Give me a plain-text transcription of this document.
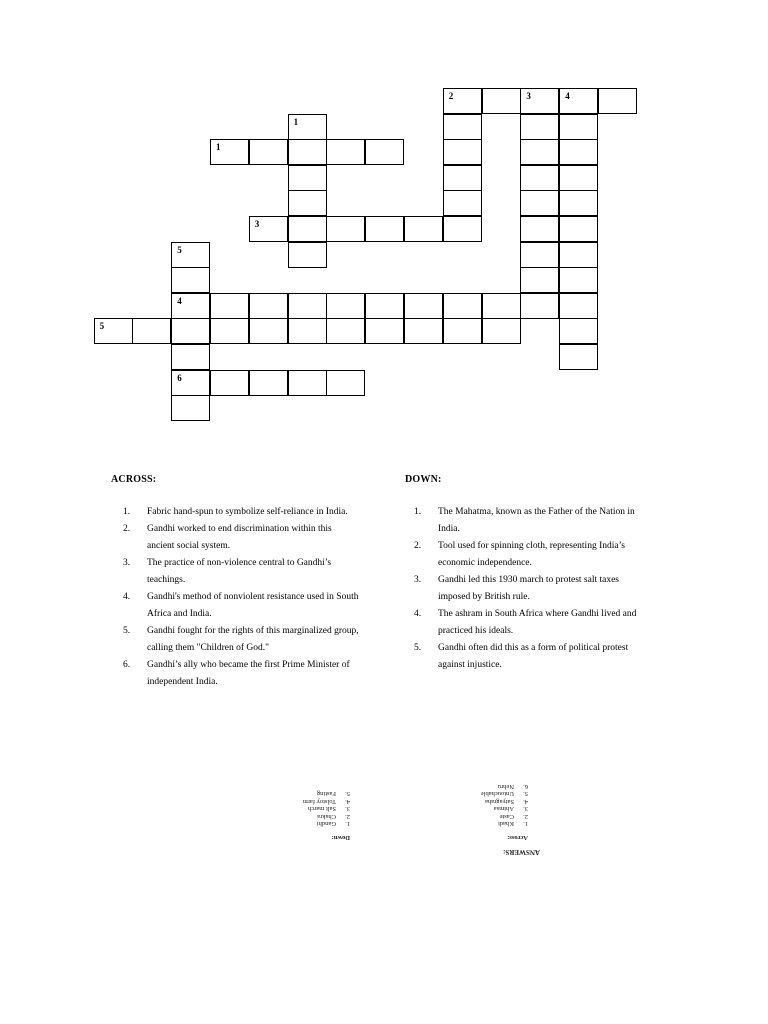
2	3	4
1
1
3
5
4
5
6
ACROSS:
1.	Fabric hand-spun to symbolize self-reliance in India.
2.	Gandhi worked to end discrimination within this
ancient social system.
3.	The practice of non-violence central to Gandhi’s
teachings.
4.	Gandhi's method of nonviolent resistance used in South
Africa and India.
5.	Gandhi fought for the rights of this marginalized group,
calling them "Children of God."
6.	Gandhi’s ally who became the first Prime Minister of
independent India.
DOWN:
1.	The Mahatma, known as the Father of the Nation in
India.
2.	Tool used for spinning cloth, representing India’s
economic independence.
3.	Gandhi led this 1930 march to protest salt taxes
imposed by British rule.
4.	The ashram in South Africa where Gandhi lived and
practiced his ideals.
5.	Gandhi often did this as a form of political protest
against injustice.
ANSWERS:
Across:
1.
Khadi
2.
Caste
3.
Ahimsa
4.
Satyagraha
5.
Untouchable
6.
Nehru
Down:
1.
Gandhi
2.
Chakra
3.
Salt march
4.
Tolstoy farm
5.
Fasting
